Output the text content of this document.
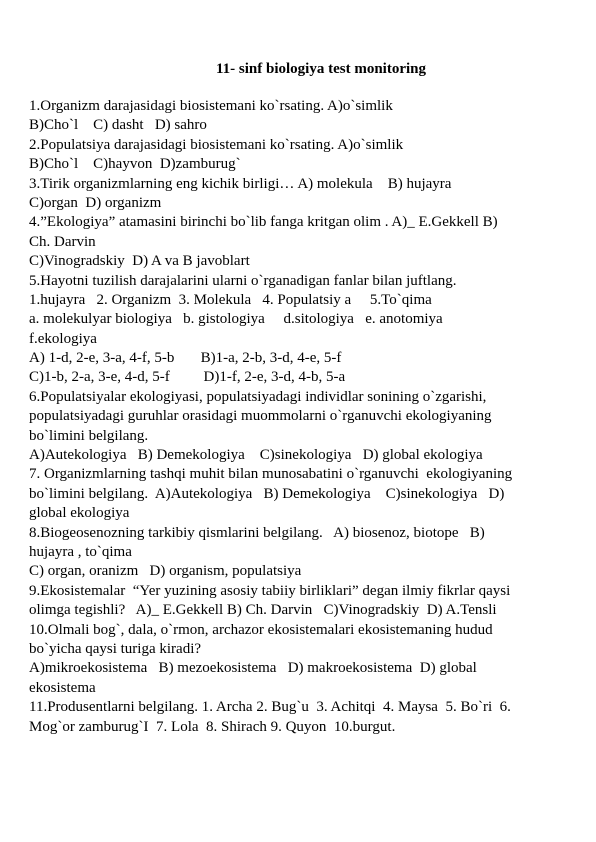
11- sinf biologiya test monitoring
1.Organizm darajasidagi biosistemani ko`rsating. A)o`simlik
B)Cho`l    C) dasht   D) sahro
2.Populatsiya darajasidagi biosistemani ko`rsating. A)o`simlik
B)Cho`l    C)hayvon  D)zamburug`
3.Tirik organizmlarning eng kichik birligi… A) molekula    B) hujayra
C)organ  D) organizm
4.”Ekologiya” atamasini birinchi bo`lib fanga kritgan olim . A)_ E.Gekkell B)
Ch. Darvin
C)Vinogradskiy  D) A va B javoblart
5.Hayotni tuzilish darajalarini ularni o`rganadigan fanlar bilan juftlang.
1.hujayra   2. Organizm  3. Molekula   4. Populatsiy a     5.To`qima
a. molekulyar biologiya   b. gistologiya     d.sitologiya   e. anotomiya
f.ekologiya
A) 1-d, 2-e, 3-a, 4-f, 5-b       B)1-a, 2-b, 3-d, 4-e, 5-f
C)1-b, 2-a, 3-e, 4-d, 5-f         D)1-f, 2-e, 3-d, 4-b, 5-a
6.Populatsiyalar ekologiyasi, populatsiyadagi individlar sonining o`zgarishi,
populatsiyadagi guruhlar orasidagi muommolarni o`rganuvchi ekologiyaning
bo`limini belgilang.
A)Autekologiya   B) Demekologiya    C)sinekologiya   D) global ekologiya
7. Organizmlarning tashqi muhit bilan munosabatini o`rganuvchi  ekologiyaning
bo`limini belgilang.  A)Autekologiya   B) Demekologiya    C)sinekologiya   D)
global ekologiya
8.Biogeosenozning tarkibiy qismlarini belgilang.   A) biosenoz, biotope   B)
hujayra , to`qima
C) organ, oranizm   D) organism, populatsiya
9.Ekosistemalar  “Yer yuzining asosiy tabiiy birliklari” degan ilmiy fikrlar qaysi
olimga tegishli?   A)_ E.Gekkell B) Ch. Darvin   C)Vinogradskiy  D) A.Tensli
10.Olmali bog`, dala, o`rmon, archazor ekosistemalari ekosistemaning hudud
bo`yicha qaysi turiga kiradi?
A)mikroekosistema   B) mezoekosistema   D) makroekosistema  D) global
ekosistema
11.Produsentlarni belgilang. 1. Archa 2. Bug`u  3. Achitqi  4. Maysa  5. Bo`ri  6.
Mog`or zamburug`I  7. Lola  8. Shirach 9. Quyon  10.burgut.
